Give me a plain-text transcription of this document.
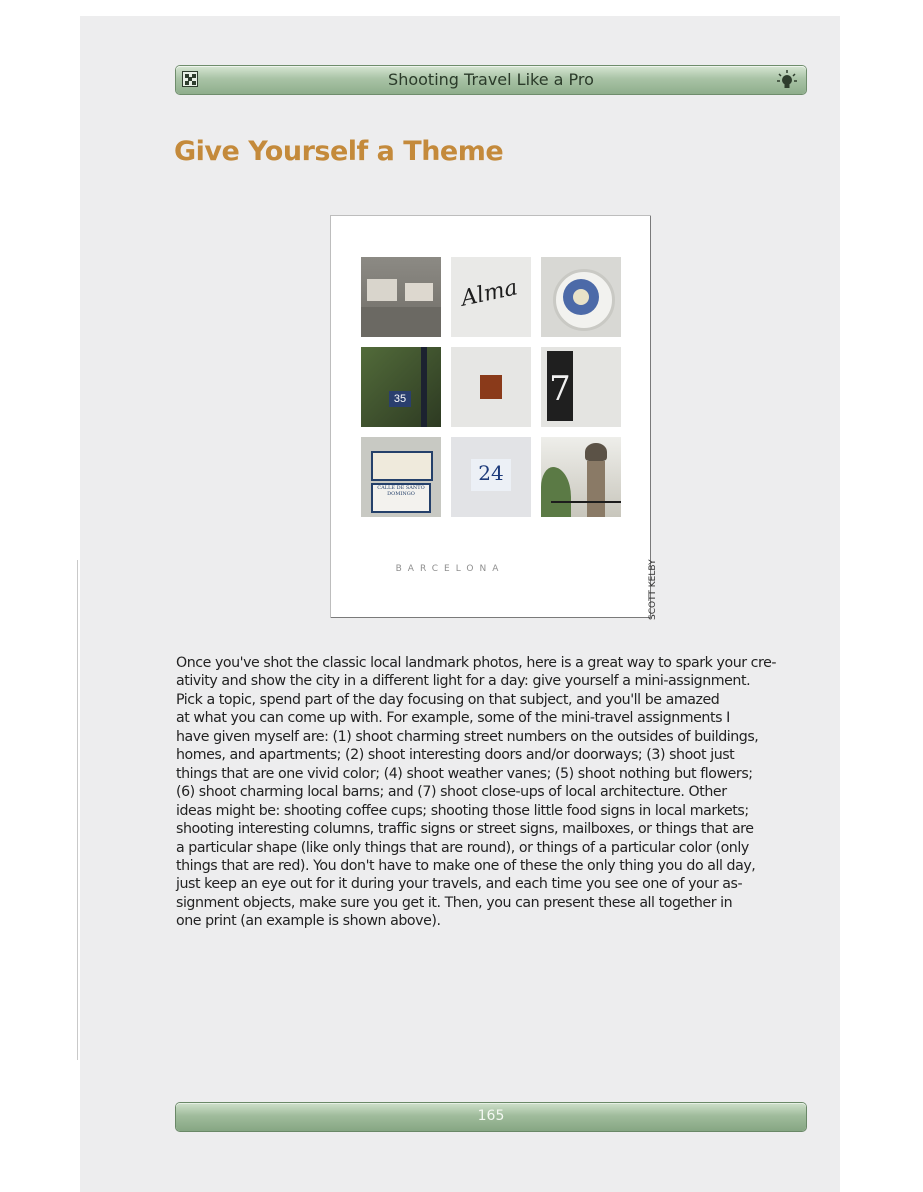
Shooting Travel Like a Pro
Give Yourself a Theme
Alma
35	7
CALLE DE SANTO DOMINGO
24
BARCELONA	SCOTT KELBY
Once you've shot the classic local landmark photos, here is a great way to spark your cre-
ativity and show the city in a different light for a day: give yourself a mini-assignment.
Pick a topic, spend part of the day focusing on that subject, and you'll be amazed
at what you can come up with. For example, some of the mini-travel assignments I
have given myself are: (1) shoot charming street numbers on the outsides of buildings,
homes, and apartments; (2) shoot interesting doors and/or doorways; (3) shoot just
things that are one vivid color; (4) shoot weather vanes; (5) shoot nothing but flowers;
(6) shoot charming local barns; and (7) shoot close-ups of local architecture. Other
ideas might be: shooting coffee cups; shooting those little food signs in local markets;
shooting interesting columns, traffic signs or street signs, mailboxes, or things that are
a particular shape (like only things that are round), or things of a particular color (only
things that are red). You don't have to make one of these the only thing you do all day,
just keep an eye out for it during your travels, and each time you see one of your as-
signment objects, make sure you get it. Then, you can present these all together in
one print (an example is shown above).
165
